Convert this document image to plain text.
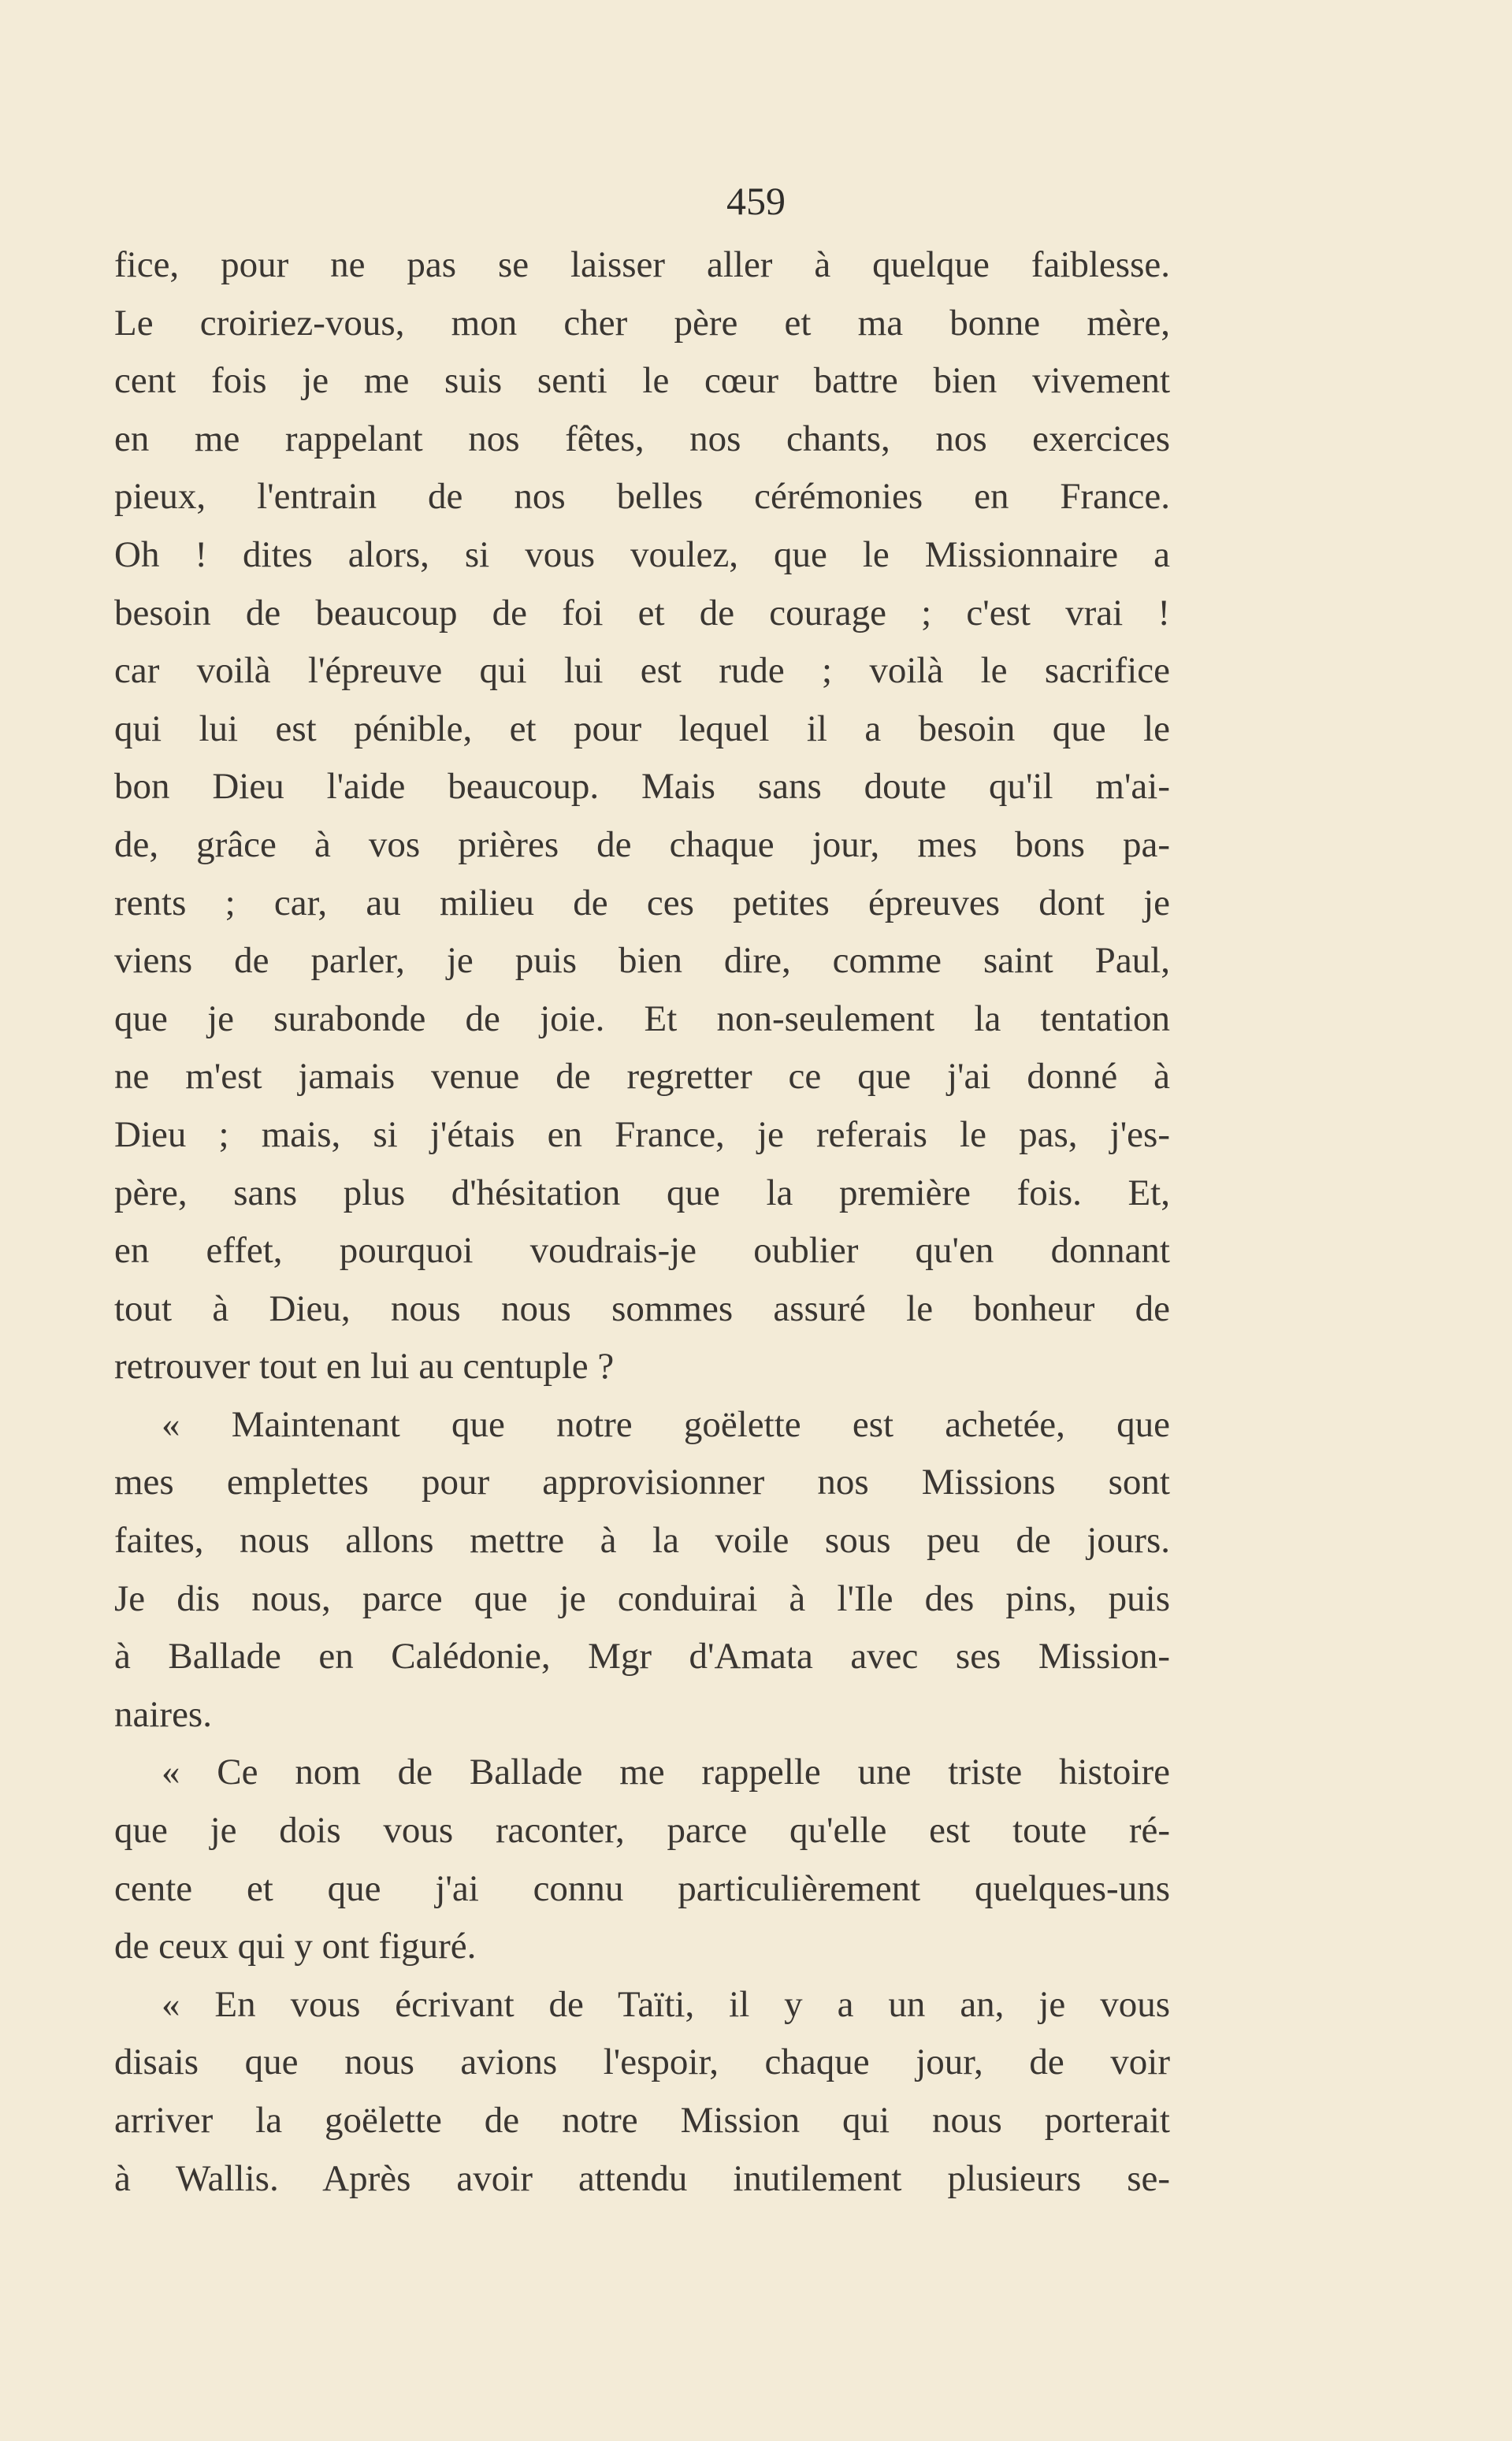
459
fice, pour ne pas se laisser aller à quelque faiblesse.
Le croiriez-vous, mon cher père et ma bonne mère,
cent fois je me suis senti le cœur battre bien vivement
en me rappelant nos fêtes, nos chants, nos exercices
pieux, l'entrain de nos belles cérémonies en France.
Oh ! dites alors, si vous voulez, que le Missionnaire a
besoin de beaucoup de foi et de courage ; c'est vrai !
car voilà l'épreuve qui lui est rude ; voilà le sacrifice
qui lui est pénible, et pour lequel il a besoin que le
bon Dieu l'aide beaucoup. Mais sans doute qu'il m'ai-
de, grâce à vos prières de chaque jour, mes bons pa-
rents ; car, au milieu de ces petites épreuves dont je
viens de parler, je puis bien dire, comme saint Paul,
que je surabonde de joie. Et non-seulement la tentation
ne m'est jamais venue de regretter ce que j'ai donné à
Dieu ; mais, si j'étais en France, je referais le pas, j'es-
père, sans plus d'hésitation que la première fois. Et,
en effet, pourquoi voudrais-je oublier qu'en donnant
tout à Dieu, nous nous sommes assuré le bonheur de
retrouver tout en lui au centuple ?
« Maintenant que notre goëlette est achetée, que
mes emplettes pour approvisionner nos Missions sont
faites, nous allons mettre à la voile sous peu de jours.
Je dis nous, parce que je conduirai à l'Ile des pins, puis
à Ballade en Calédonie, Mgr d'Amata avec ses Mission-
naires.
« Ce nom de Ballade me rappelle une triste histoire
que je dois vous raconter, parce qu'elle est toute ré-
cente et que j'ai connu particulièrement quelques-uns
de ceux qui y ont figuré.
« En vous écrivant de Taïti, il y a un an, je vous
disais que nous avions l'espoir, chaque jour, de voir
arriver la goëlette de notre Mission qui nous porterait
à Wallis. Après avoir attendu inutilement plusieurs se-
